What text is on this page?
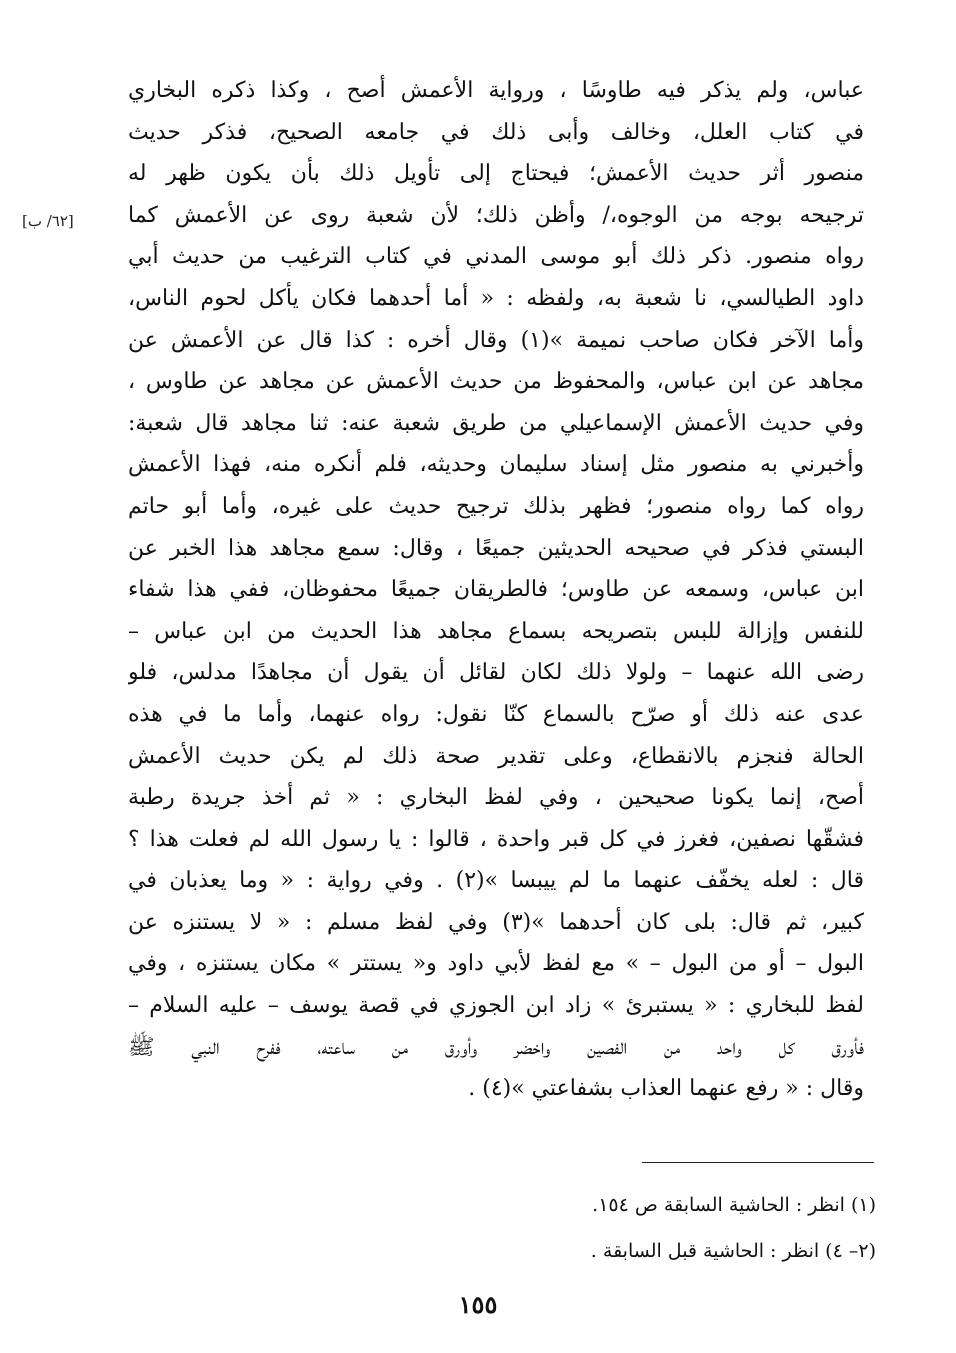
[٦٢/ ب]
عباس، ولم يذكر فيه طاوسًا ، ورواية الأعمش أصح ، وكذا ذكره البخاري
في كتاب العلل، وخالف وأبى ذلك في جامعه الصحيح، فذكر حديث
منصور أثر حديث الأعمش؛ فيحتاج إلى تأويل ذلك بأن يكون ظهر له
ترجيحه بوجه من الوجوه،/ وأظن ذلك؛ لأن شعبة روى عن الأعمش كما
رواه منصور. ذكر ذلك أبو موسى المدني في كتاب الترغيب من حديث أبي
داود الطيالسي، نا شعبة به، ولفظه : « أما أحدهما فكان يأكل لحوم الناس،
وأما الآخر فكان صاحب نميمة »(١) وقال أخره : كذا قال عن الأعمش عن
مجاهد عن ابن عباس، والمحفوظ من حديث الأعمش عن مجاهد عن طاوس ،
وفي حديث الأعمش الإسماعيلي من طريق شعبة عنه: ثنا مجاهد قال شعبة:
وأخبرني به منصور مثل إسناد سليمان وحديثه، فلم أنكره منه، فهذا الأعمش
رواه كما رواه منصور؛ فظهر بذلك ترجيح حديث على غيره، وأما أبو حاتم
البستي فذكر في صحيحه الحديثين جميعًا ، وقال: سمع مجاهد هذا الخبر عن
ابن عباس، وسمعه عن طاوس؛ فالطريقان جميعًا محفوظان، ففي هذا شفاء
للنفس وإزالة للبس بتصريحه بسماع مجاهد هذا الحديث من ابن عباس –
رضى الله عنهما – ولولا ذلك لكان لقائل أن يقول أن مجاهدًا مدلس، فلو
عدى عنه ذلك أو صرّح بالسماع كنّا نقول: رواه عنهما، وأما ما في هذه
الحالة فنجزم بالانقطاع، وعلى تقدير صحة ذلك لم يكن حديث الأعمش
أصح، إنما يكونا صحيحين ، وفي لفظ البخاري : « ثم أخذ جريدة رطبة
فشقّها نصفين، فغرز في كل قبر واحدة ، قالوا : يا رسول الله لم فعلت هذا ؟
قال : لعله يخفّف عنهما ما لم ييبسا »(٢) . وفي رواية : « وما يعذبان في
كبير، ثم قال: بلى كان أحدهما »(٣) وفي لفظ مسلم : « لا يستنزه عن
البول – أو من البول – » مع لفظ لأبي داود و« يستتر » مكان يستنزه ، وفي
لفظ للبخاري : « يستبرئ » زاد ابن الجوزي في قصة يوسف – عليه السلام –
فأورق كل واحد من الفصين واخضر وأورق من ساعته، ففرح النبي ﷺ
وقال : « رفع عنهما العذاب بشفاعتي »(٤) .
(١) انظر : الحاشية السابقة ص ١٥٤.
(٢– ٤) انظر : الحاشية قبل السابقة .
١٥٥
